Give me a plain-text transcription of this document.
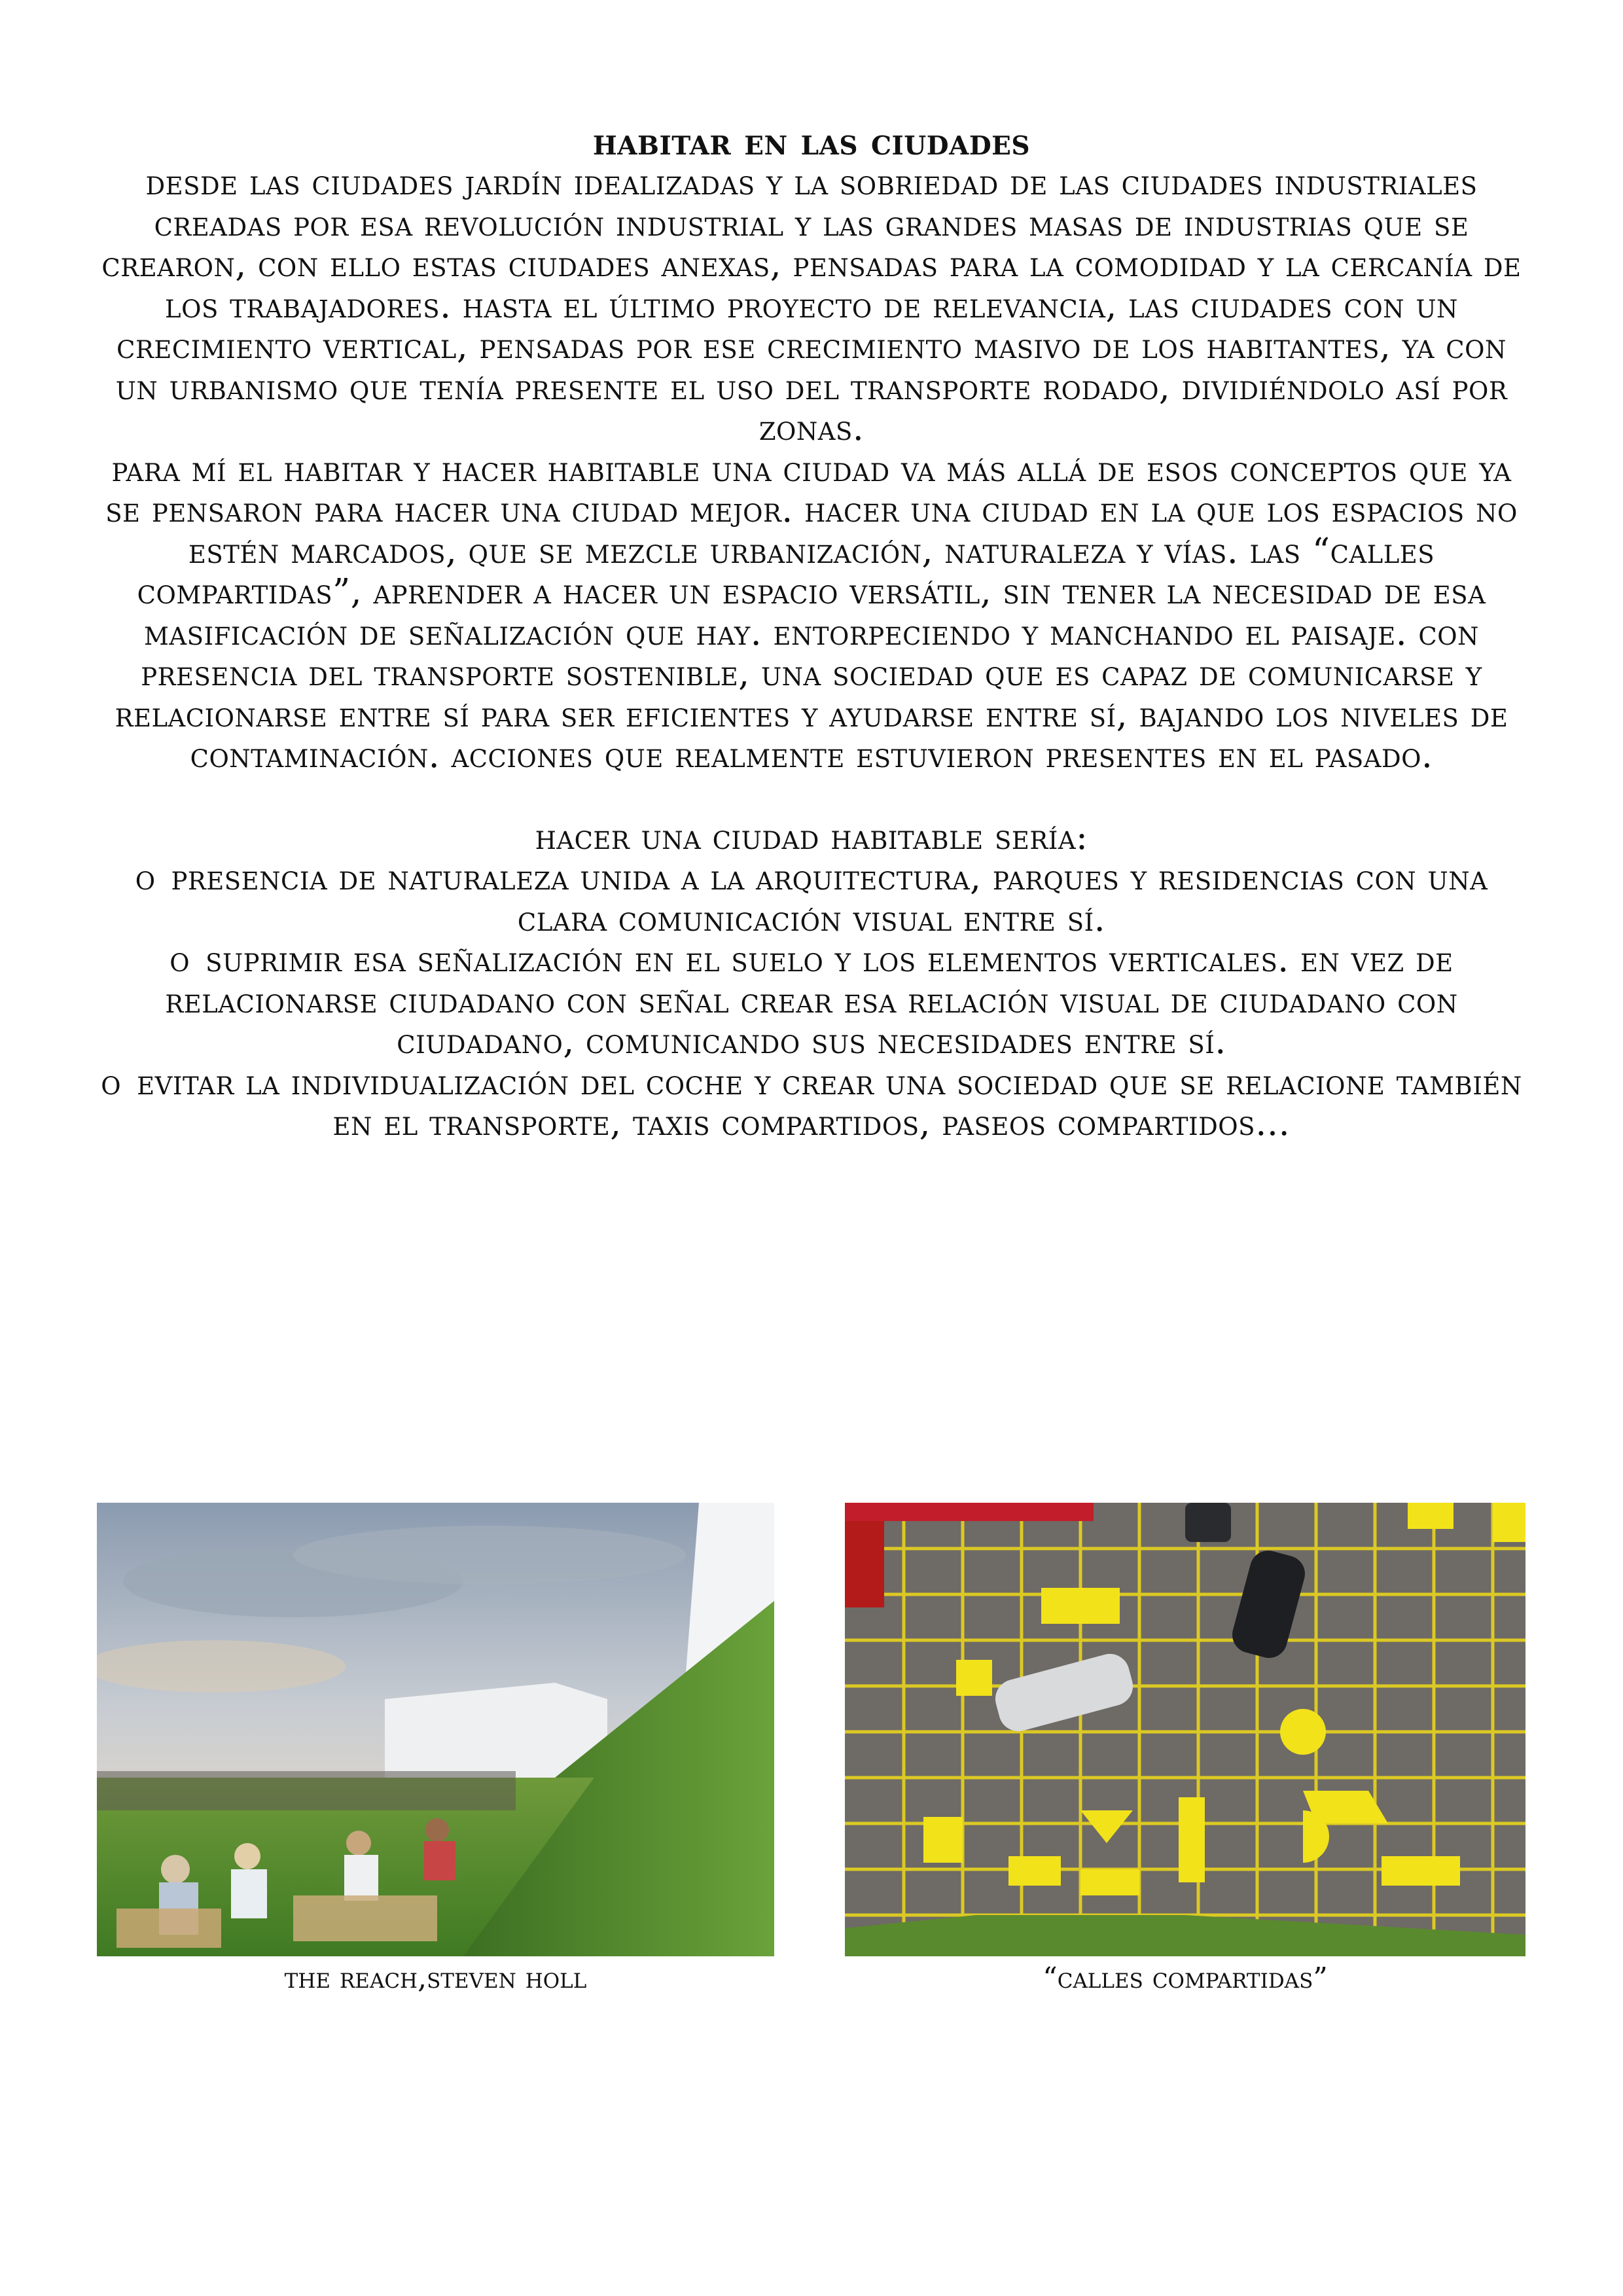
habitar en las ciudades

desde las ciudades jardín idealizadas y la sobriedad de las ciudades industriales creadas por esa revolución industrial y las grandes masas de industrias que se crearon, con ello estas ciudades anexas, pensadas para la comodidad y la cercanía de los trabajadores. hasta el último proyecto de relevancia, las ciudades con un crecimiento vertical, pensadas por ese crecimiento masivo de los habitantes, ya con un urbanismo que tenía presente el uso del transporte rodado, dividiéndolo así por zonas.

para mí el habitar y hacer habitable una ciudad va más allá de esos conceptos que ya se pensaron para hacer una ciudad mejor. hacer una ciudad en la que los espacios no estén marcados, que se mezcle urbanización, naturaleza y vías. las “calles compartidas”, aprender a hacer un espacio versátil, sin tener la necesidad de esa masificación de señalización que hay. entorpeciendo y manchando el paisaje. con presencia del transporte sostenible, una sociedad que es capaz de comunicarse y relacionarse entre sí para ser eficientes y ayudarse entre sí, bajando los niveles de contaminación. acciones que realmente estuvieron presentes en el pasado.

hacer una ciudad habitable sería:

o presencia de naturaleza unida a la arquitectura, parques y residencias con una clara comunicación visual entre sí.

o suprimir esa señalización en el suelo y los elementos verticales. en vez de relacionarse ciudadano con señal crear esa relación visual de ciudadano con ciudadano, comunicando sus necesidades entre sí.

o evitar la individualización del coche y crear una sociedad que se relacione también en el transporte, taxis compartidos, paseos compartidos…

the reach,steven holl	“calles compartidas”
